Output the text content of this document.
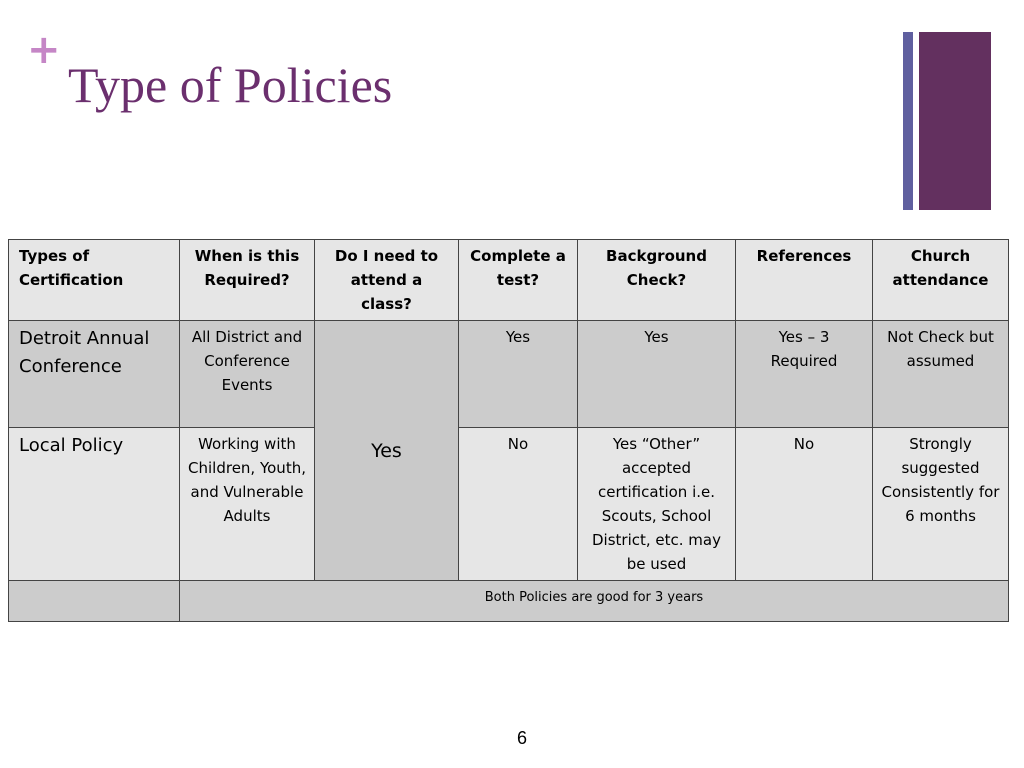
+
Type of Policies
Types of Certification	When is this Required?	Do I need to attend a class?	Complete a test?	Background Check?	References	Church attendance
Detroit Annual Conference	All District and Conference Events	Yes	Yes	Yes	Yes – 3 Required	Not Check but assumed
Local Policy	Working with Children, Youth, and Vulnerable Adults		No	Yes “Other” accepted certification i.e. Scouts, School District, etc. may be used	No	Strongly suggested Consistently for 6 months
	Both Policies are good for 3 years					
6
